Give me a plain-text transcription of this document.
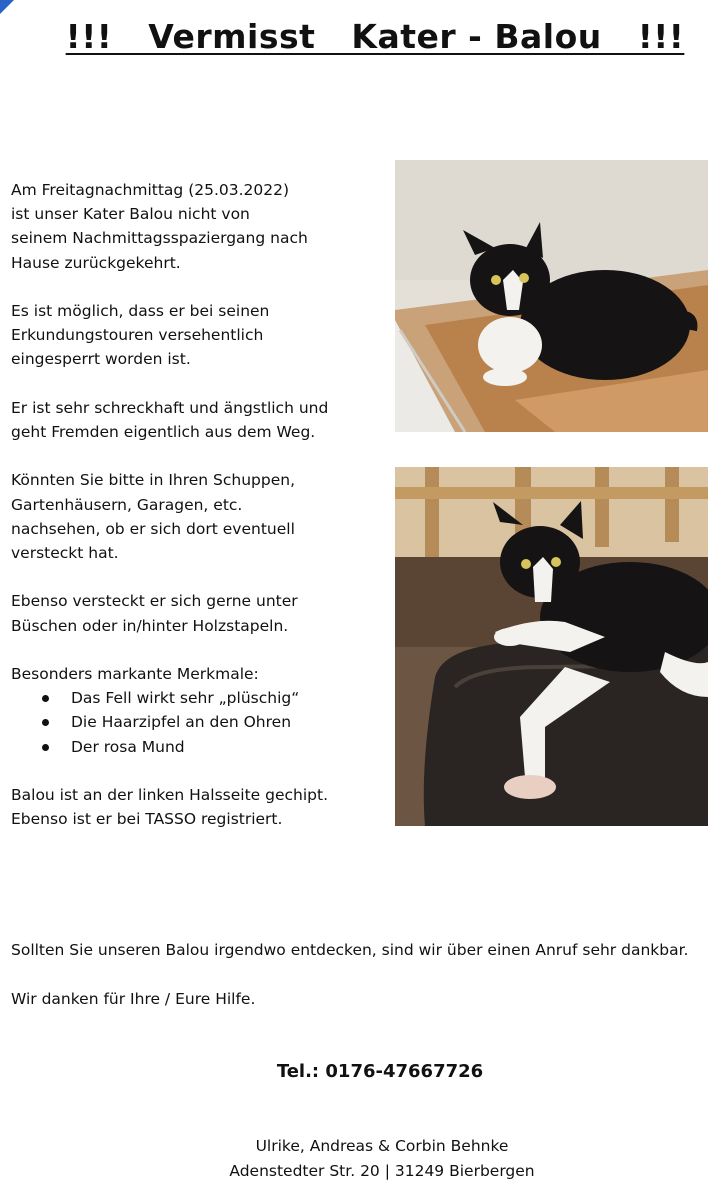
!!!   Vermisst   Kater - Balou   !!!

Am Freitagnachmittag (25.03.2022)
ist unser Kater Balou nicht von
seinem Nachmittagsspaziergang nach
Hause zurückgekehrt.

Es ist möglich, dass er bei seinen
Erkundungstouren versehentlich
eingesperrt worden ist.

Er ist sehr schreckhaft und ängstlich und
geht Fremden eigentlich aus dem Weg.

Könnten Sie bitte in Ihren Schuppen,
Gartenhäusern, Garagen, etc.
nachsehen, ob er sich dort eventuell
versteckt hat.

Ebenso versteckt er sich gerne unter
Büschen oder in/hinter Holzstapeln.

Besonders markante Merkmale:
Das Fell wirkt sehr „plüschig“
Die Haarzipfel an den Ohren
Der rosa Mund

Balou ist an der linken Halsseite gechipt.
Ebenso ist er bei TASSO registriert.

Sollten Sie unseren Balou irgendwo entdecken, sind wir über einen Anruf sehr dankbar.
Wir danken für Ihre / Eure Hilfe.
Tel.: 0176-47667726
Ulrike, Andreas & Corbin Behnke
Adenstedter Str. 20 | 31249 Bierbergen
